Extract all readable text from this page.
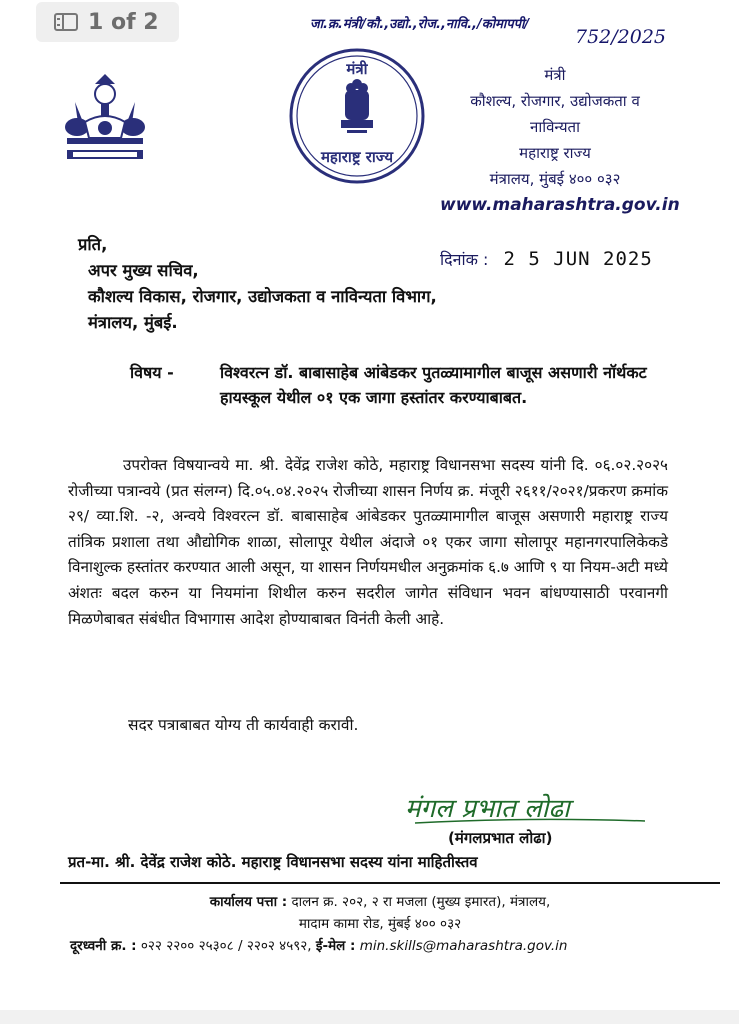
1 of 2	जा.क्र.मंत्री/कौ.,उद्यो.,रोज.,नावि.,/कोमापपी/
752/2025
मंत्री
महाराष्ट्र राज्य
मंत्री
कौशल्य, रोजगार, उद्योजकता व
नाविन्यता
महाराष्ट्र राज्य
मंत्रालय, मुंबई ४०० ०३२
www.maharashtra.gov.in
प्रति,
अपर मुख्य सचिव,
कौशल्य विकास, रोजगार, उद्योजकता व नाविन्यता विभाग,
मंत्रालय, मुंबई.
दिनांक : 2 5 JUN 2025
विषय -	विश्वरत्न डॉ. बाबासाहेब आंबेडकर पुतळ्यामागील बाजूस असणारी नॉर्थकट हायस्कूल येथील ०१ एक जागा हस्तांतर करण्याबाबत.
उपरोक्त विषयान्वये मा. श्री. देवेंद्र राजेश कोठे, महाराष्ट्र विधानसभा सदस्य यांनी दि. ०६.०२.२०२५ रोजीच्या पत्रान्वये (प्रत संलग्न) दि.०५.०४.२०२५ रोजीच्या शासन निर्णय क्र. मंजूरी २६११/२०२१/प्रकरण क्रमांक २९/ व्या.शि. -२, अन्वये विश्वरत्न डॉ. बाबासाहेब आंबेडकर पुतळ्यामागील बाजूस असणारी महाराष्ट्र राज्य तांत्रिक प्रशाला तथा औद्योगिक शाळा, सोलापूर येथील अंदाजे ०१ एकर जागा सोलापूर महानगरपालिकेकडे विनाशुल्क हस्तांतर करण्यात आली असून, या शासन निर्णयमधील अनुक्रमांक ६.७ आणि ९ या नियम-अटी मध्ये अंशतः बदल करुन या नियमांना शिथील करुन सदरील जागेत संविधान भवन बांधण्यासाठी परवानगी मिळणेबाबत संबंधीत विभागास आदेश होण्याबाबत विनंती केली आहे.
सदर पत्राबाबत योग्य ती कार्यवाही करावी.
मंगल प्रभात लोढा
(मंगलप्रभात लोढा)
प्रत-मा. श्री. देवेंद्र राजेश कोठे. महाराष्ट्र विधानसभा सदस्य यांना माहितीस्तव
कार्यालय पत्ता : दालन क्र. २०२, २ रा मजला (मुख्य इमारत), मंत्रालय,
मादाम कामा रोड, मुंबई ४०० ०३२
दूरध्वनी क्र. : ०२२ २२०० २५३०८ / २२०२ ४५९२, ई-मेल : min.skills@maharashtra.gov.in
